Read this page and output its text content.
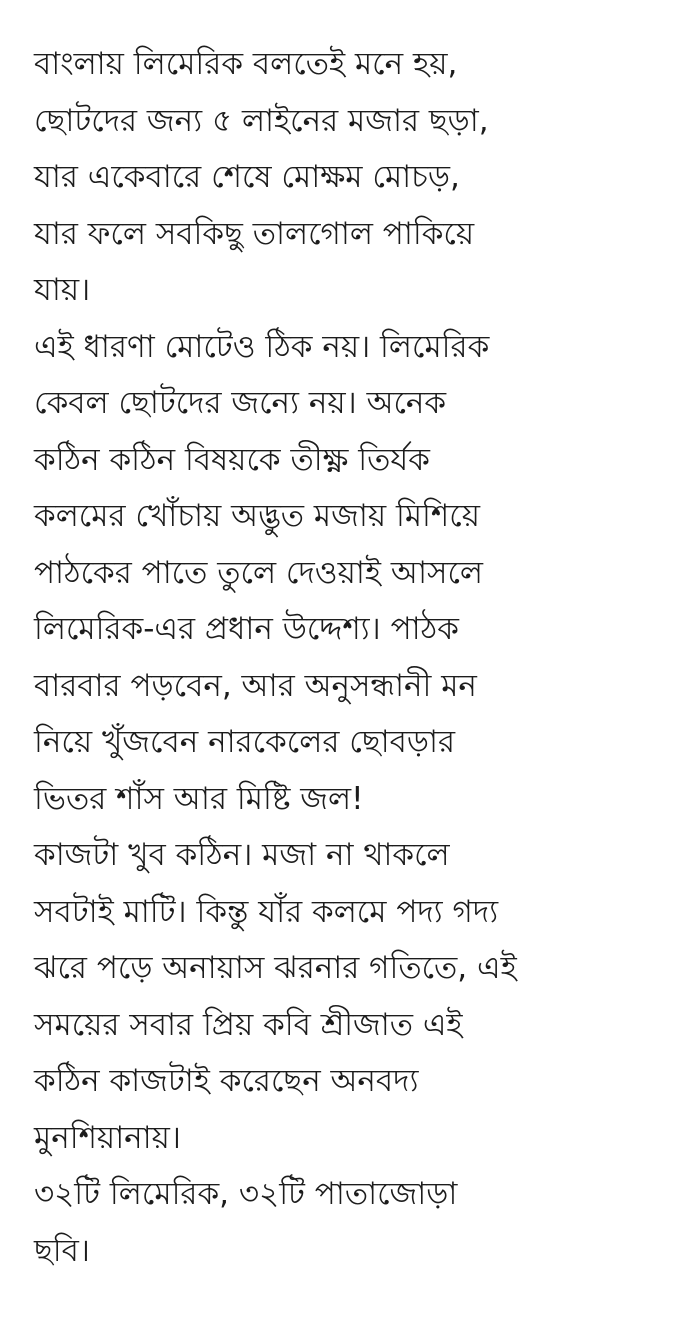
বাংলায় লিমেরিক বলতেই মনে হয়,
ছোটদের জন্য ৫ লাইনের মজার ছড়া,
যার একেবারে শেষে মোক্ষম মোচড়,
যার ফলে সবকিছু তালগোল পাকিয়ে
যায়।
এই ধারণা মোটেও ঠিক নয়। লিমেরিক
কেবল ছোটদের জন্যে নয়। অনেক
কঠিন কঠিন বিষয়কে তীক্ষ্ণ তির্যক
কলমের খোঁচায় অদ্ভুত মজায় মিশিয়ে
পাঠকের পাতে তুলে দেওয়াই আসলে
লিমেরিক-এর প্রধান উদ্দেশ্য। পাঠক
বারবার পড়বেন, আর অনুসন্ধানী মন
নিয়ে খুঁজবেন নারকেলের ছোবড়ার
ভিতর শাঁস আর মিষ্টি জল!
কাজটা খুব কঠিন। মজা না থাকলে
সবটাই মাটি। কিন্তু যাঁর কলমে পদ্য গদ্য
ঝরে পড়ে অনায়াস ঝরনার গতিতে, এই
সময়ের সবার প্রিয় কবি শ্রীজাত এই
কঠিন কাজটাই করেছেন অনবদ্য
মুনশিয়ানায়।
৩২টি লিমেরিক, ৩২টি পাতাজোড়া
ছবি।
